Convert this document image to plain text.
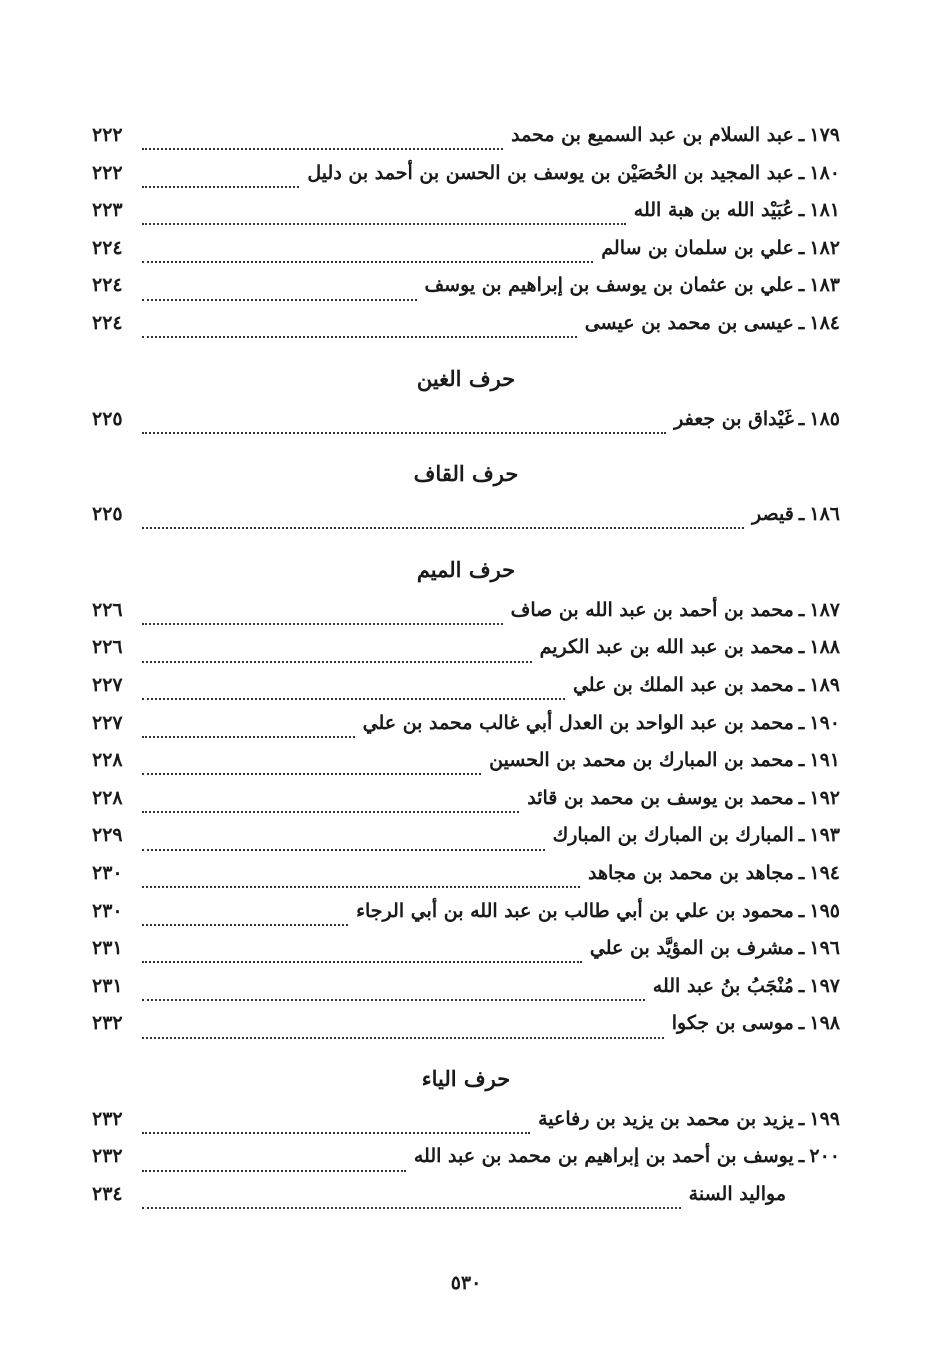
١٧٩
ـ
عبد السلام بن عبد السميع بن محمد
٢٢٢
١٨٠
ـ
عبد المجيد بن الحُصَيْن بن يوسف بن الحسن بن أحمد بن دليل
٢٢٢
١٨١
ـ
عُبَيْد الله بن هبة الله
٢٢٣
١٨٢
ـ
علي بن سلمان بن سالم
٢٢٤
١٨٣
ـ
علي بن عثمان بن يوسف بن إبراهيم بن يوسف
٢٢٤
١٨٤
ـ
عيسى بن محمد بن عيسى
٢٢٤
حرف الغين
١٨٥
ـ
غَيْداق بن جعفر
٢٢٥
حرف القاف
١٨٦
ـ
قيصر
٢٢٥
حرف الميم
١٨٧
ـ
محمد بن أحمد بن عبد الله بن صاف
٢٢٦
١٨٨
ـ
محمد بن عبد الله بن عبد الكريم
٢٢٦
١٨٩
ـ
محمد بن عبد الملك بن علي
٢٢٧
١٩٠
ـ
محمد بن عبد الواحد بن العدل أبي غالب محمد بن علي
٢٢٧
١٩١
ـ
محمد بن المبارك بن محمد بن الحسين
٢٢٨
١٩٢
ـ
محمد بن يوسف بن محمد بن قائد
٢٢٨
١٩٣
ـ
المبارك بن المبارك بن المبارك
٢٢٩
١٩٤
ـ
مجاهد بن محمد بن مجاهد
٢٣٠
١٩٥
ـ
محمود بن علي بن أبي طالب بن عبد الله بن أبي الرجاء
٢٣٠
١٩٦
ـ
مشرف بن المؤيَّد بن علي
٢٣١
١٩٧
ـ
مُنْجَبُ بنُ عبد الله
٢٣١
١٩٨
ـ
موسى بن جكوا
٢٣٢
حرف الياء
١٩٩
ـ
يزيد بن محمد بن يزيد بن رفاعية
٢٣٢
٢٠٠
ـ
يوسف بن أحمد بن إبراهيم بن محمد بن عبد الله
٢٣٢
مواليد السنة
٢٣٤
٥٣٠
